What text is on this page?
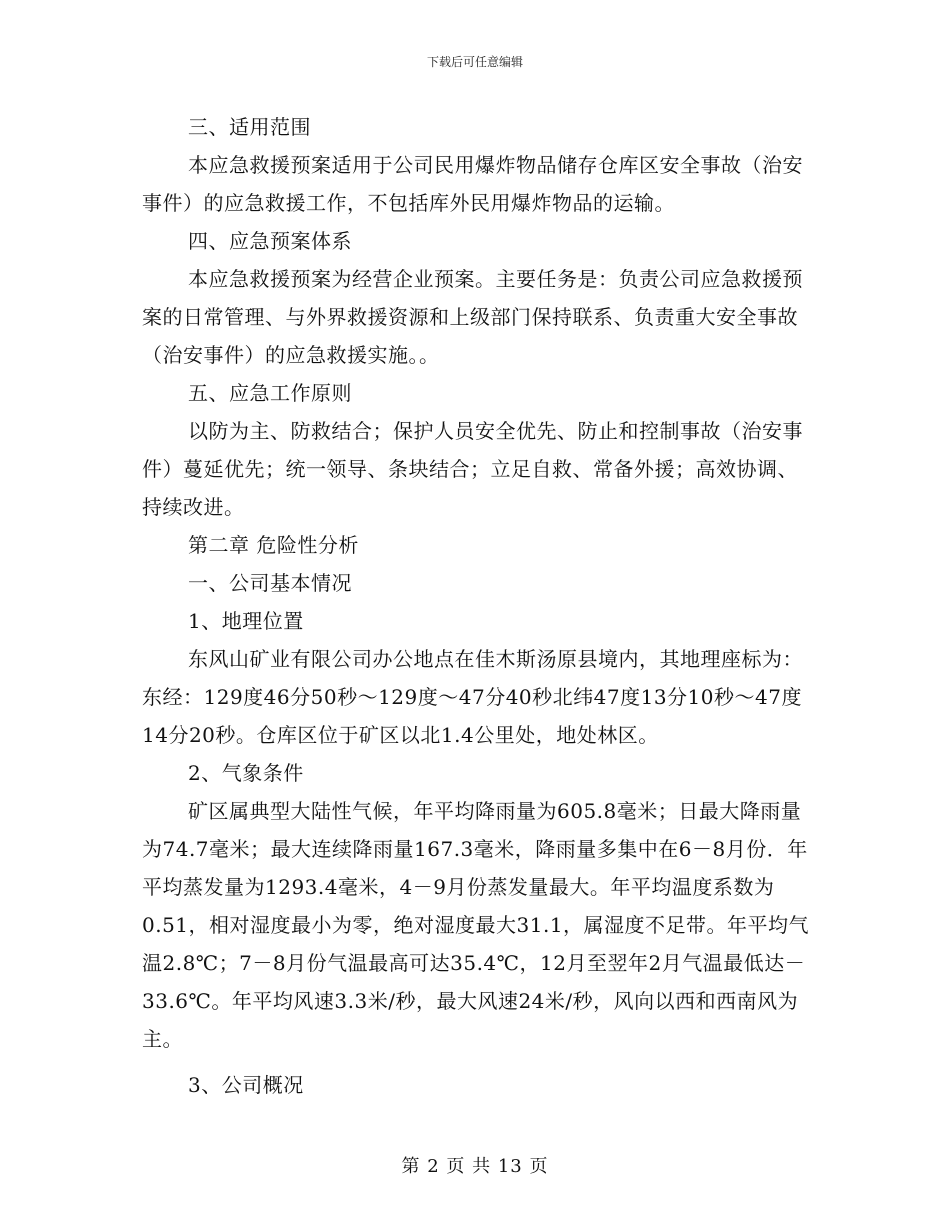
下载后可任意编辑

三、适用范围

本应急救援预案适用于公司民用爆炸物品储存仓库区安全事故（治安事件）的应急救援工作，不包括库外民用爆炸物品的运输。

四、应急预案体系

本应急救援预案为经营企业预案。主要任务是：负责公司应急救援预案的日常管理、与外界救援资源和上级部门保持联系、负责重大安全事故（治安事件）的应急救援实施。。

五、应急工作原则

以防为主、防救结合；保护人员安全优先、防止和控制事故（治安事件）蔓延优先；统一领导、条块结合；立足自救、常备外援；高效协调、持续改进。

第二章 危险性分析

一、公司基本情况

1、地理位置

东风山矿业有限公司办公地点在佳木斯汤原县境内，其地理座标为：东经：129度46分50秒～129度～47分40秒北纬47度13分10秒～47度14分20秒。仓库区位于矿区以北1.4公里处，地处林区。

2、气象条件

矿区属典型大陆性气候，年平均降雨量为605.8毫米；日最大降雨量为74.7毫米；最大连续降雨量167.3毫米，降雨量多集中在6－8月份．年平均蒸发量为1293.4毫米，4－9月份蒸发量最大。年平均温度系数为0.51，相对湿度最小为零，绝对湿度最大31.1，属湿度不足带。年平均气温2.8℃；7－8月份气温最高可达35.4℃，12月至翌年2月气温最低达－33.6℃。年平均风速3.3米/秒，最大风速24米/秒，风向以西和西南风为主。

3、公司概况

第 2 页 共 13 页
